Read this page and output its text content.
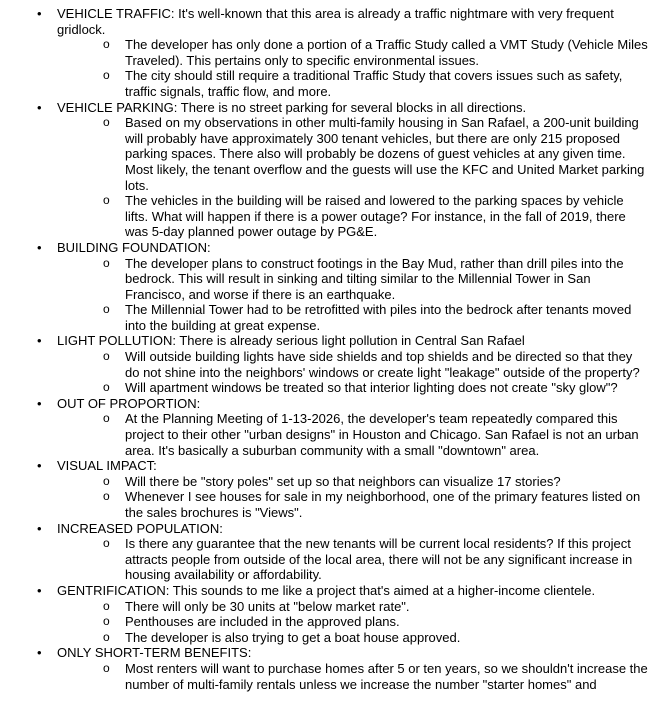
•	VEHICLE TRAFFIC: It's well-known that this area is already a traffic nightmare with very frequent gridlock.
o	The developer has only done a portion of a Traffic Study called a VMT Study (Vehicle Miles Traveled). This pertains only to specific environmental issues.
o	The city should still require a traditional Traffic Study that covers issues such as safety, traffic signals, traffic flow, and more.
•	VEHICLE PARKING: There is no street parking for several blocks in all directions.
o	Based on my observations in other multi-family housing in San Rafael, a 200-unit building will probably have approximately 300 tenant vehicles, but there are only 215 proposed parking spaces. There also will probably be dozens of guest vehicles at any given time. Most likely, the tenant overflow and the guests will use the KFC and United Market parking lots.
o	The vehicles in the building will be raised and lowered to the parking spaces by vehicle lifts. What will happen if there is a power outage? For instance, in the fall of 2019, there was 5-day planned power outage by PG&E.
•	BUILDING FOUNDATION:
o	The developer plans to construct footings in the Bay Mud, rather than drill piles into the bedrock. This will result in sinking and tilting similar to the Millennial Tower in San Francisco, and worse if there is an earthquake.
o	The Millennial Tower had to be retrofitted with piles into the bedrock after tenants moved into the building at great expense.
•	LIGHT POLLUTION: There is already serious light pollution in Central San Rafael
o	Will outside building lights have side shields and top shields and be directed so that they do not shine into the neighbors' windows or create light "leakage" outside of the property?
o	Will apartment windows be treated so that interior lighting does not create "sky glow"?
•	OUT OF PROPORTION:
o	At the Planning Meeting of 1-13-2026, the developer's team repeatedly compared this project to their other "urban designs" in Houston and Chicago. San Rafael is not an urban area. It's basically a suburban community with a small "downtown" area.
•	VISUAL IMPACT:
o	Will there be "story poles" set up so that neighbors can visualize 17 stories?
o	Whenever I see houses for sale in my neighborhood, one of the primary features listed on the sales brochures is "Views".
•	INCREASED POPULATION:
o	Is there any guarantee that the new tenants will be current local residents? If this project attracts people from outside of the local area, there will not be any significant increase in housing availability or affordability.
•	GENTRIFICATION: This sounds to me like a project that's aimed at a higher-income clientele.
o	There will only be 30 units at "below market rate".
o	Penthouses are included in the approved plans.
o	The developer is also trying to get a boat house approved.
•	ONLY SHORT-TERM BENEFITS:
o	Most renters will want to purchase homes after 5 or ten years, so we shouldn't increase the number of multi-family rentals unless we increase the number "starter homes" and
